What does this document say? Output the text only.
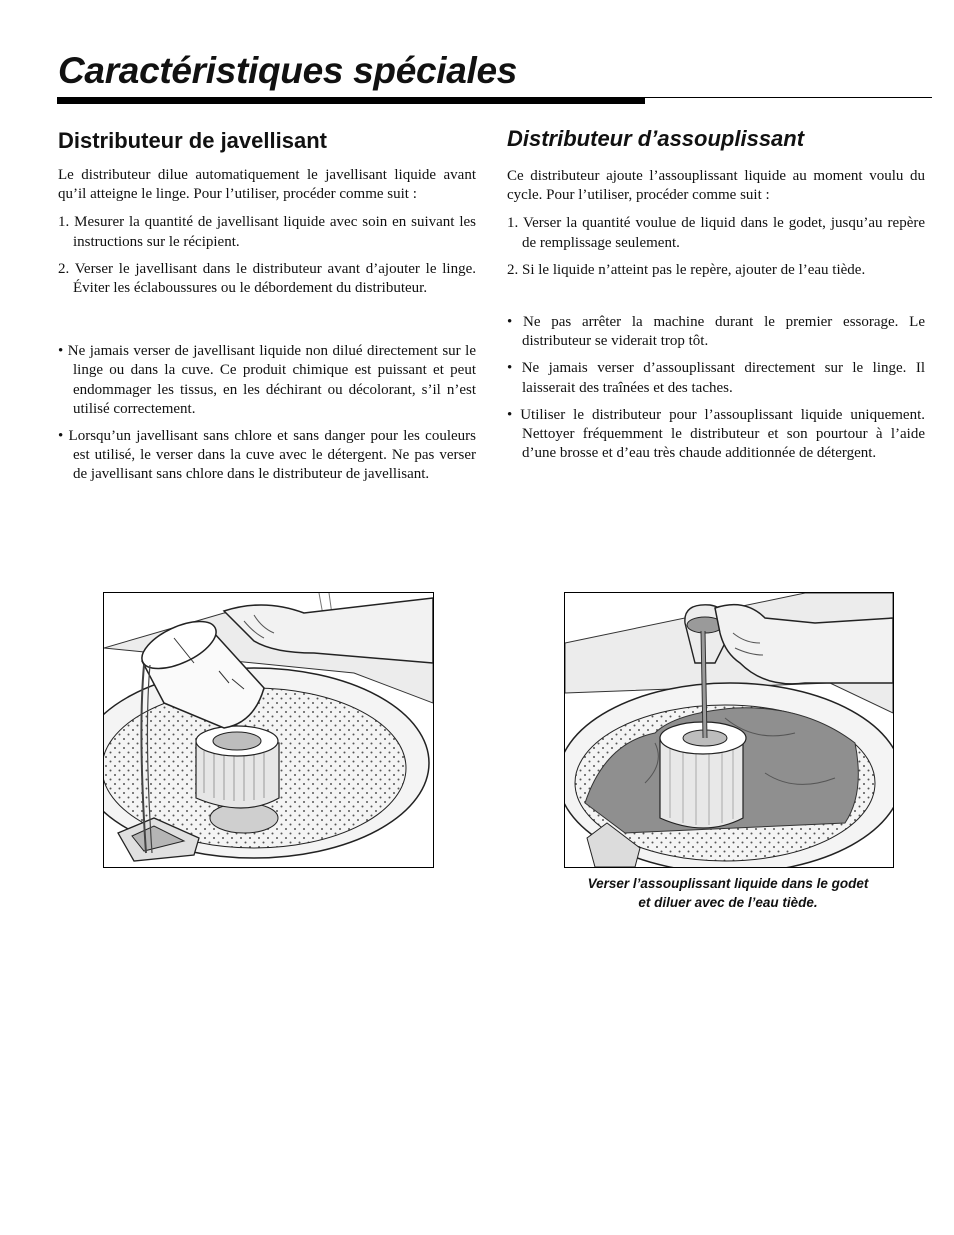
Caractéristiques spéciales
Distributeur de javellisant

Le distributeur dilue automatiquement le javellisant liquide avant qu’il atteigne le linge. Pour l’utiliser, procéder comme suit :

1. Mesurer la quantité de javellisant liquide avec soin en suivant les instructions sur le récipient.
2. Verser le javellisant dans le distributeur avant d’ajouter le linge. Éviter les éclaboussures ou le débordement du distributeur.
• Ne jamais verser de javellisant liquide non dilué directement sur le linge ou dans la cuve. Ce produit chimique est puissant et peut endommager les tissus, en les déchirant ou décolorant, s’il n’est utilisé correctement.
• Lorsqu’un javellisant sans chlore et sans danger pour les couleurs est utilisé, le verser dans la cuve avec le détergent. Ne pas verser de javellisant sans chlore dans le distributeur de javellisant.
Distributeur d’assouplissant

Ce distributeur ajoute l’assouplissant liquide au moment voulu du cycle. Pour l’utiliser, procéder comme suit :

1. Verser la quantité voulue de liquid dans le godet, jusqu’au repère de remplissage seulement.
2. Si le liquide n’atteint pas le repère, ajouter de l’eau tiède.
• Ne pas arrêter la machine durant le premier essorage. Le distributeur se viderait trop tôt.
• Ne jamais verser d’assouplissant directement sur le linge. Il laisserait des traînées et des taches.
• Utiliser le distributeur pour l’assouplissant liquide uniquement. Nettoyer fréquemment le distributeur et son pourtour à l’aide d’une brosse et d’eau très chaude additionnée de détergent.
Verser l’assouplissant liquide dans le godet
et diluer avec de l’eau tiède.
